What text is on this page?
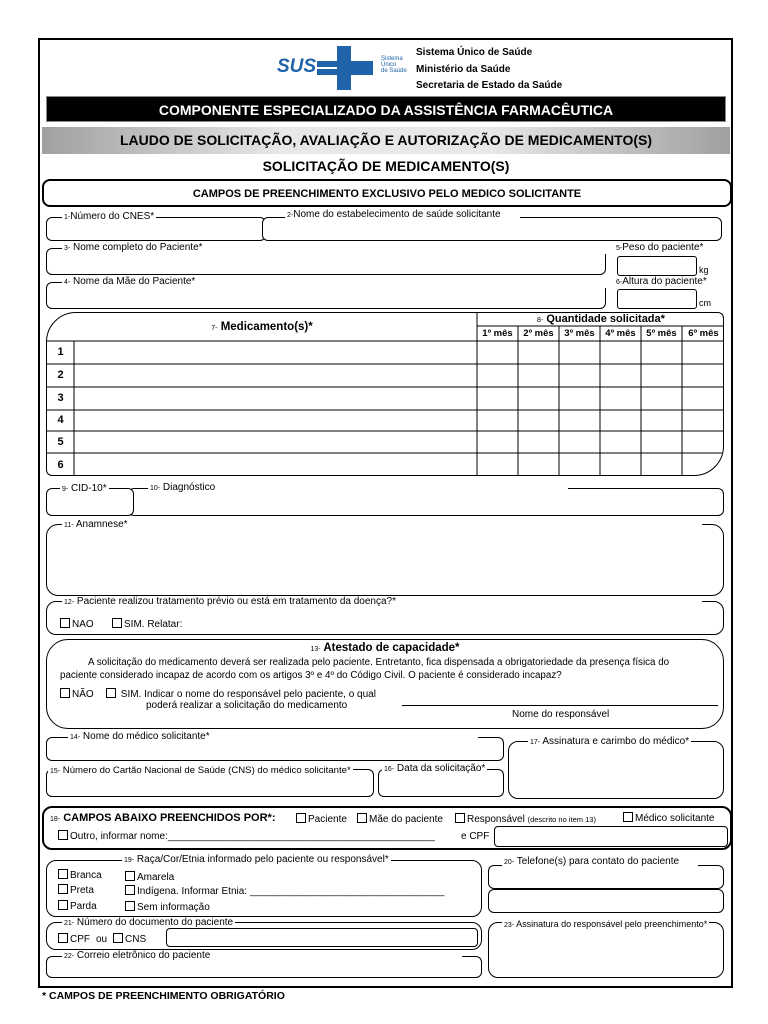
SUS	Sistema
Único
de Saúde
Sistema Único de Saúde
Ministério da Saúde
Secretaria de Estado da Saúde
COMPONENTE ESPECIALIZADO DA ASSISTÊNCIA FARMACÊUTICA
LAUDO DE SOLICITAÇÃO, AVALIAÇÃO E AUTORIZAÇÃO DE MEDICAMENTO(S)
SOLICITAÇÃO DE MEDICAMENTO(S)
CAMPOS DE PREENCHIMENTO EXCLUSIVO PELO MEDICO SOLICITANTE
1-Número do CNES*	2-Nome do estabelecimento de saúde solicitante
3- Nome completo do Paciente*	5-Peso do paciente*
kg
4- Nome da Mãe do Paciente*	6-Altura do paciente*
cm
7- Medicamento(s)*
8- Quantidade solicitada*
1º mês	2º mês	3º mês	4º mês	5º mês	6º mês
1
2
3
4
5
6
9- CID-10*	10- Diagnóstico
11- Anamnese*
12- Paciente realizou tratamento prévio ou está em tratamento da doença?*
NAO	SIM. Relatar:
13- Atestado de capacidade*
A solicitação do medicamento deverá ser realizada pelo paciente. Entretanto, fica dispensada a obrigatoriedade da presença física do
paciente considerado incapaz de acordo com os artigos 3º e 4º do Código Civil. O paciente é considerado incapaz?
NÃO	SIM. Indicar o nome do responsável pelo paciente, o qual
poderá realizar a solicitação do medicamento
Nome do responsável
14- Nome do médico solicitante*
17- Assinatura e carimbo do médico*
15- Número do Cartão Nacional de Saúde (CNS) do médico solicitante*	16- Data da solicitação*
18- CAMPOS ABAIXO PREENCHIDOS POR*:	Paciente	Mãe do paciente	Responsável (descrito no item 13)	Médico solicitante
Outro, informar nome:________________________________________________	e CPF
19- Raça/Cor/Etnia informado pelo paciente ou responsável*
Branca
Preta
Parda
Amarela
Indígena. Informar Etnia: ___________________________________
Sem informação
20- Telefone(s) para contato do paciente
21- Número do documento do paciente
CPF ou	CNS
23- Assinatura do responsável pelo preenchimento*
22- Correio eletrônico do paciente
* CAMPOS DE PREENCHIMENTO OBRIGATÓRIO
